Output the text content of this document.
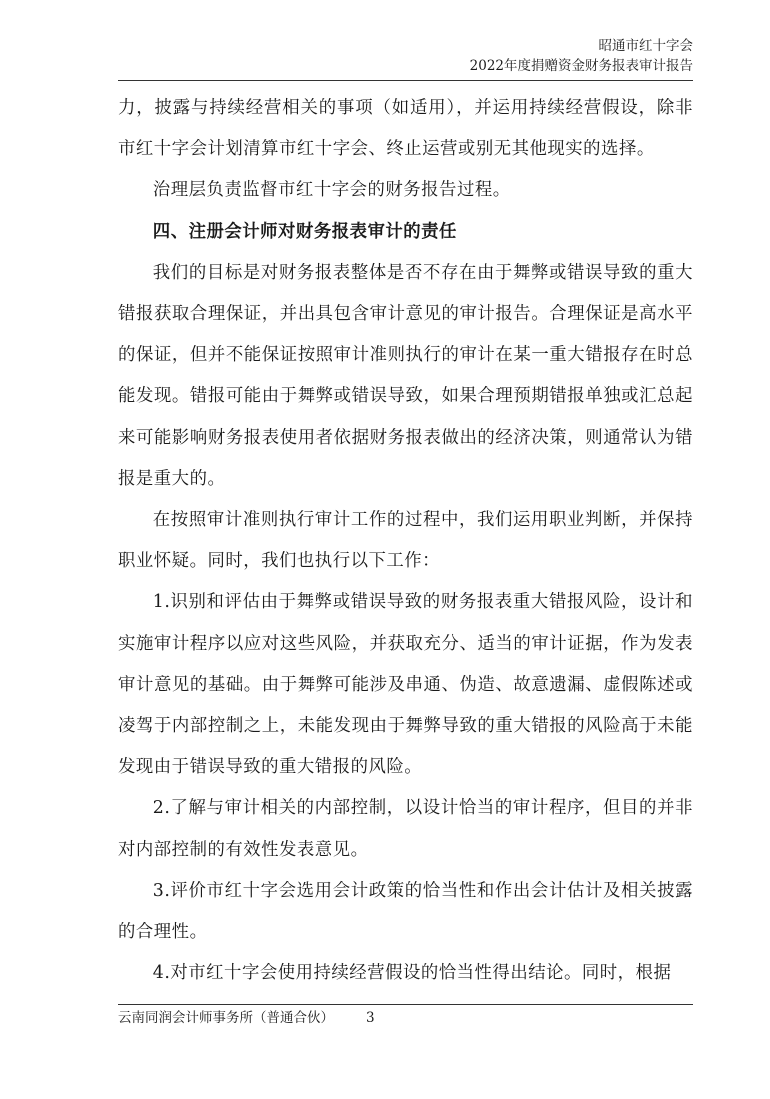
昭通市红十字会
2022年度捐赠资金财务报表审计报告

力，披露与持续经营相关的事项（如适用），并运用持续经营假设，除非市红十字会计划清算市红十字会、终止运营或别无其他现实的选择。

治理层负责监督市红十字会的财务报告过程。

四、注册会计师对财务报表审计的责任

我们的目标是对财务报表整体是否不存在由于舞弊或错误导致的重大错报获取合理保证，并出具包含审计意见的审计报告。合理保证是高水平的保证，但并不能保证按照审计准则执行的审计在某一重大错报存在时总能发现。错报可能由于舞弊或错误导致，如果合理预期错报单独或汇总起来可能影响财务报表使用者依据财务报表做出的经济决策，则通常认为错报是重大的。

在按照审计准则执行审计工作的过程中，我们运用职业判断，并保持职业怀疑。同时，我们也执行以下工作：

1.识别和评估由于舞弊或错误导致的财务报表重大错报风险，设计和实施审计程序以应对这些风险，并获取充分、适当的审计证据，作为发表审计意见的基础。由于舞弊可能涉及串通、伪造、故意遗漏、虚假陈述或凌驾于内部控制之上，未能发现由于舞弊导致的重大错报的风险高于未能发现由于错误导致的重大错报的风险。

2.了解与审计相关的内部控制，以设计恰当的审计程序，但目的并非对内部控制的有效性发表意见。

3.评价市红十字会选用会计政策的恰当性和作出会计估计及相关披露的合理性。

4.对市红十字会使用持续经营假设的恰当性得出结论。同时，根据

云南同润会计师事务所（普通合伙） 3
